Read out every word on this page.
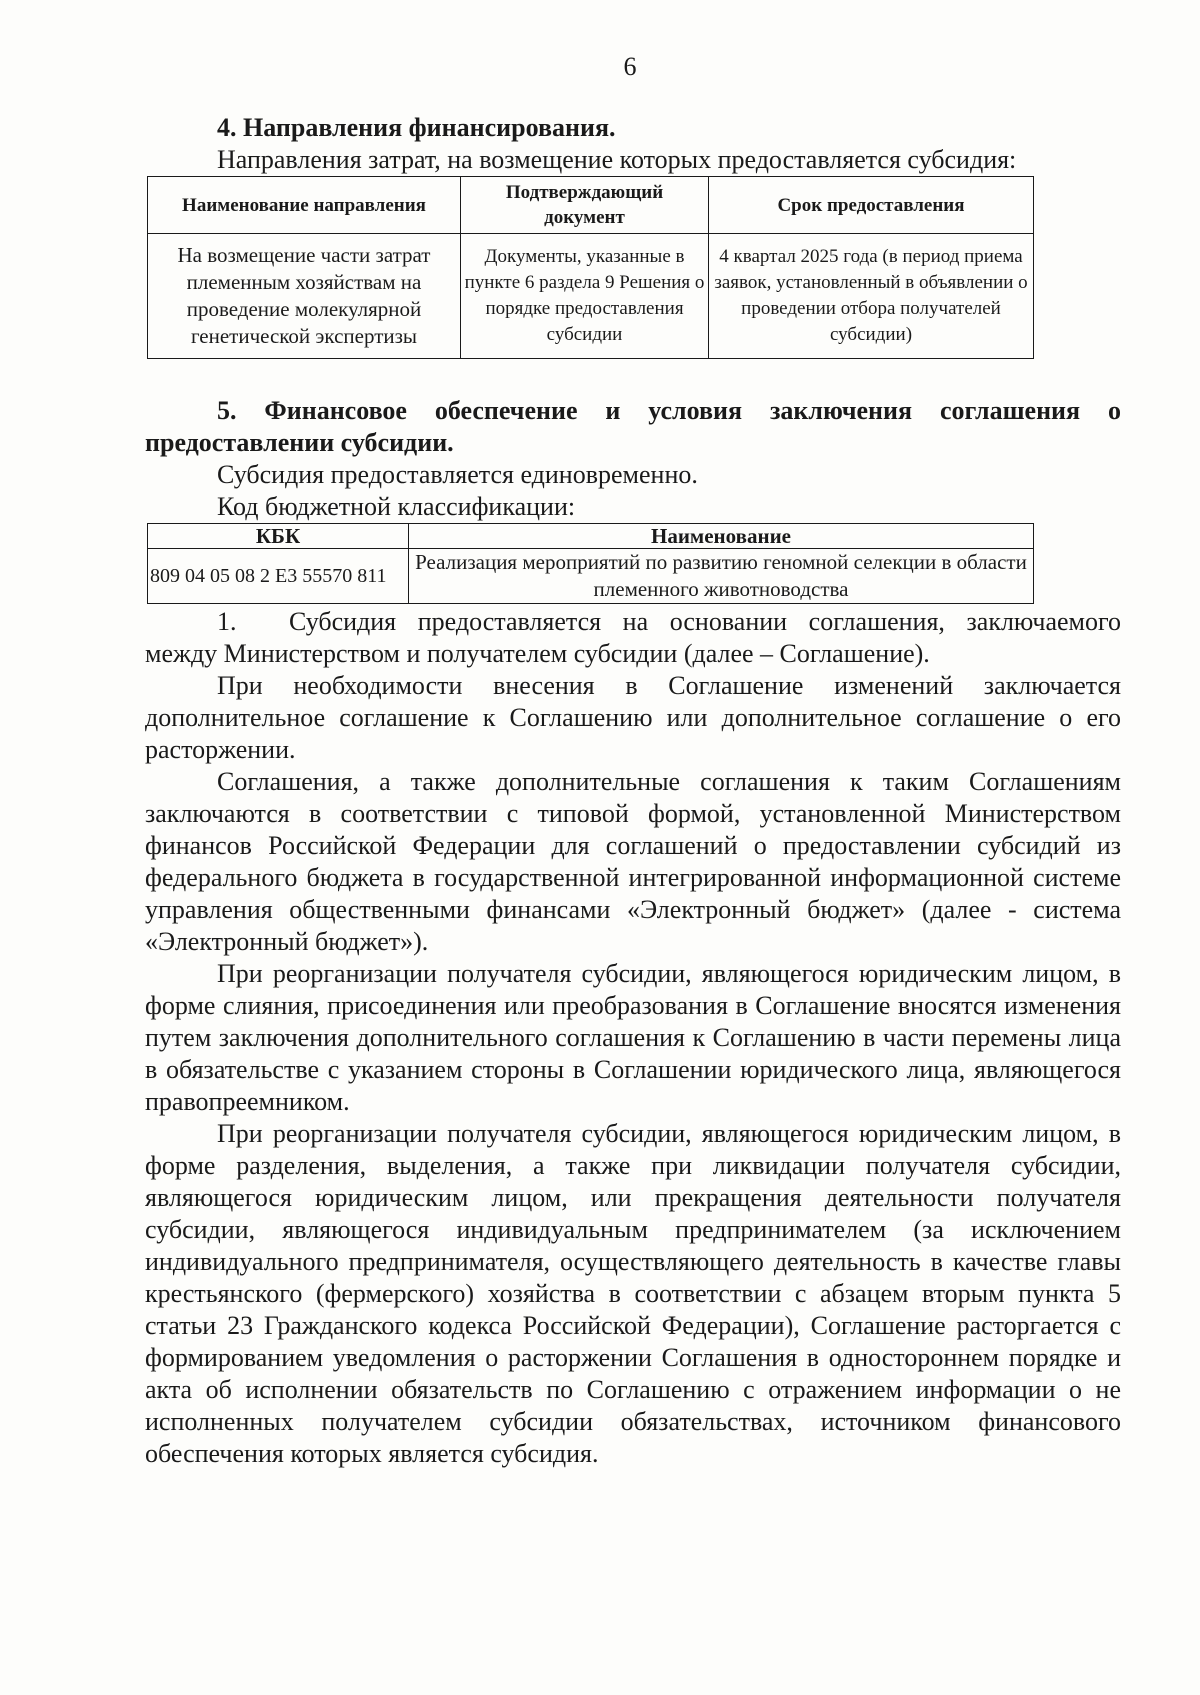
6

4. Направления финансирования.

Направления затрат, на возмещение которых предоставляется субсидия:

Наименование направления	Подтверждающий документ	Срок предоставления
На возмещение части затрат племенным хозяйствам на проведение молекулярной генетической экспертизы	Документы, указанные в пункте 6 раздела 9 Решения о порядке предоставления субсидии	4 квартал 2025 года (в период приема заявок, установленный в объявлении о проведении отбора получателей субсидии)

5. Финансовое обеспечение и условия заключения соглашения о предоставлении субсидии.

Субсидия предоставляется единовременно.

Код бюджетной классификации:

КБК	Наименование
809 04 05 08 2 Е3 55570 811	Реализация мероприятий по развитию геномной селекции в области племенного животноводства

1. Субсидия предоставляется на основании соглашения, заключаемого между Министерством и получателем субсидии (далее – Соглашение).

При необходимости внесения в Соглашение изменений заключается дополнительное соглашение к Соглашению или дополнительное соглашение о его расторжении.

Соглашения, а также дополнительные соглашения к таким Соглашениям заключаются в соответствии с типовой формой, установленной Министерством финансов Российской Федерации для соглашений о предоставлении субсидий из федерального бюджета в государственной интегрированной информационной системе управления общественными финансами «Электронный бюджет» (далее - система «Электронный бюджет»).

При реорганизации получателя субсидии, являющегося юридическим лицом, в форме слияния, присоединения или преобразования в Соглашение вносятся изменения путем заключения дополнительного соглашения к Соглашению в части перемены лица в обязательстве с указанием стороны в Соглашении юридического лица, являющегося правопреемником.

При реорганизации получателя субсидии, являющегося юридическим лицом, в форме разделения, выделения, а также при ликвидации получателя субсидии, являющегося юридическим лицом, или прекращения деятельности получателя субсидии, являющегося индивидуальным предпринимателем (за исключением индивидуального предпринимателя, осуществляющего деятельность в качестве главы крестьянского (фермерского) хозяйства в соответствии с абзацем вторым пункта 5 статьи 23 Гражданского кодекса Российской Федерации), Соглашение расторгается с формированием уведомления о расторжении Соглашения в одностороннем порядке и акта об исполнении обязательств по Соглашению с отражением информации о не исполненных получателем субсидии обязательствах, источником финансового обеспечения которых является субсидия.
